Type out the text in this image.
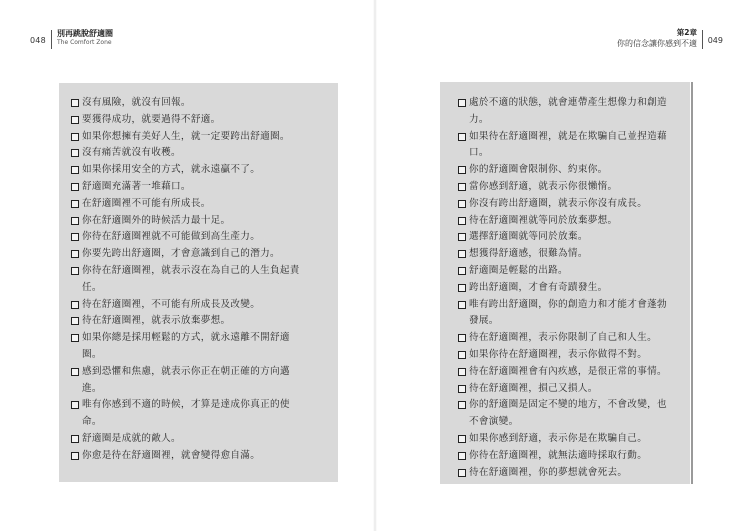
048
別再跳脫舒適圈
The Comfort Zone
沒有風險，就沒有回報。
要獲得成功，就要過得不舒適。
如果你想擁有美好人生，就一定要跨出舒適圈。
沒有痛苦就沒有收穫。
如果你採用安全的方式，就永遠贏不了。
舒適圈充滿著一堆藉口。
在舒適圈裡不可能有所成長。
你在舒適圈外的時候活力最十足。
你待在舒適圈裡就不可能做到高生產力。
你要先跨出舒適圈，才會意識到自己的潛力。
你待在舒適圈裡，就表示沒在為自己的人生負起責任。
待在舒適圈裡，不可能有所成長及改變。
待在舒適圈裡，就表示放棄夢想。
如果你總是採用輕鬆的方式，就永遠離不開舒適圈。
感到恐懼和焦慮，就表示你正在朝正確的方向邁進。
唯有你感到不適的時候，才算是達成你真正的使命。
舒適圈是成就的敵人。
你愈是待在舒適圈裡，就會變得愈自滿。
第2章
你的信念讓你感到不適 049
處於不適的狀態，就會連帶產生想像力和創造力。
如果待在舒適圈裡，就是在欺騙自己並捏造藉口。
你的舒適圈會限制你、約束你。
當你感到舒適，就表示你很懶惰。
你沒有跨出舒適圈，就表示你沒有成長。
待在舒適圈裡就等同於放棄夢想。
選擇舒適圈就等同於放棄。
想獲得舒適感，很難為情。
舒適圈是輕鬆的出路。
跨出舒適圈，才會有奇蹟發生。
唯有跨出舒適圈，你的創造力和才能才會蓬勃發展。
待在舒適圈裡，表示你限制了自己和人生。
如果你待在舒適圈裡，表示你做得不對。
待在舒適圈裡會有內疚感，是很正常的事情。
待在舒適圈裡，損己又損人。
你的舒適圈是固定不變的地方，不會改變，也不會演變。
如果你感到舒適，表示你是在欺騙自己。
你待在舒適圈裡，就無法適時採取行動。
待在舒適圈裡，你的夢想就會死去。
